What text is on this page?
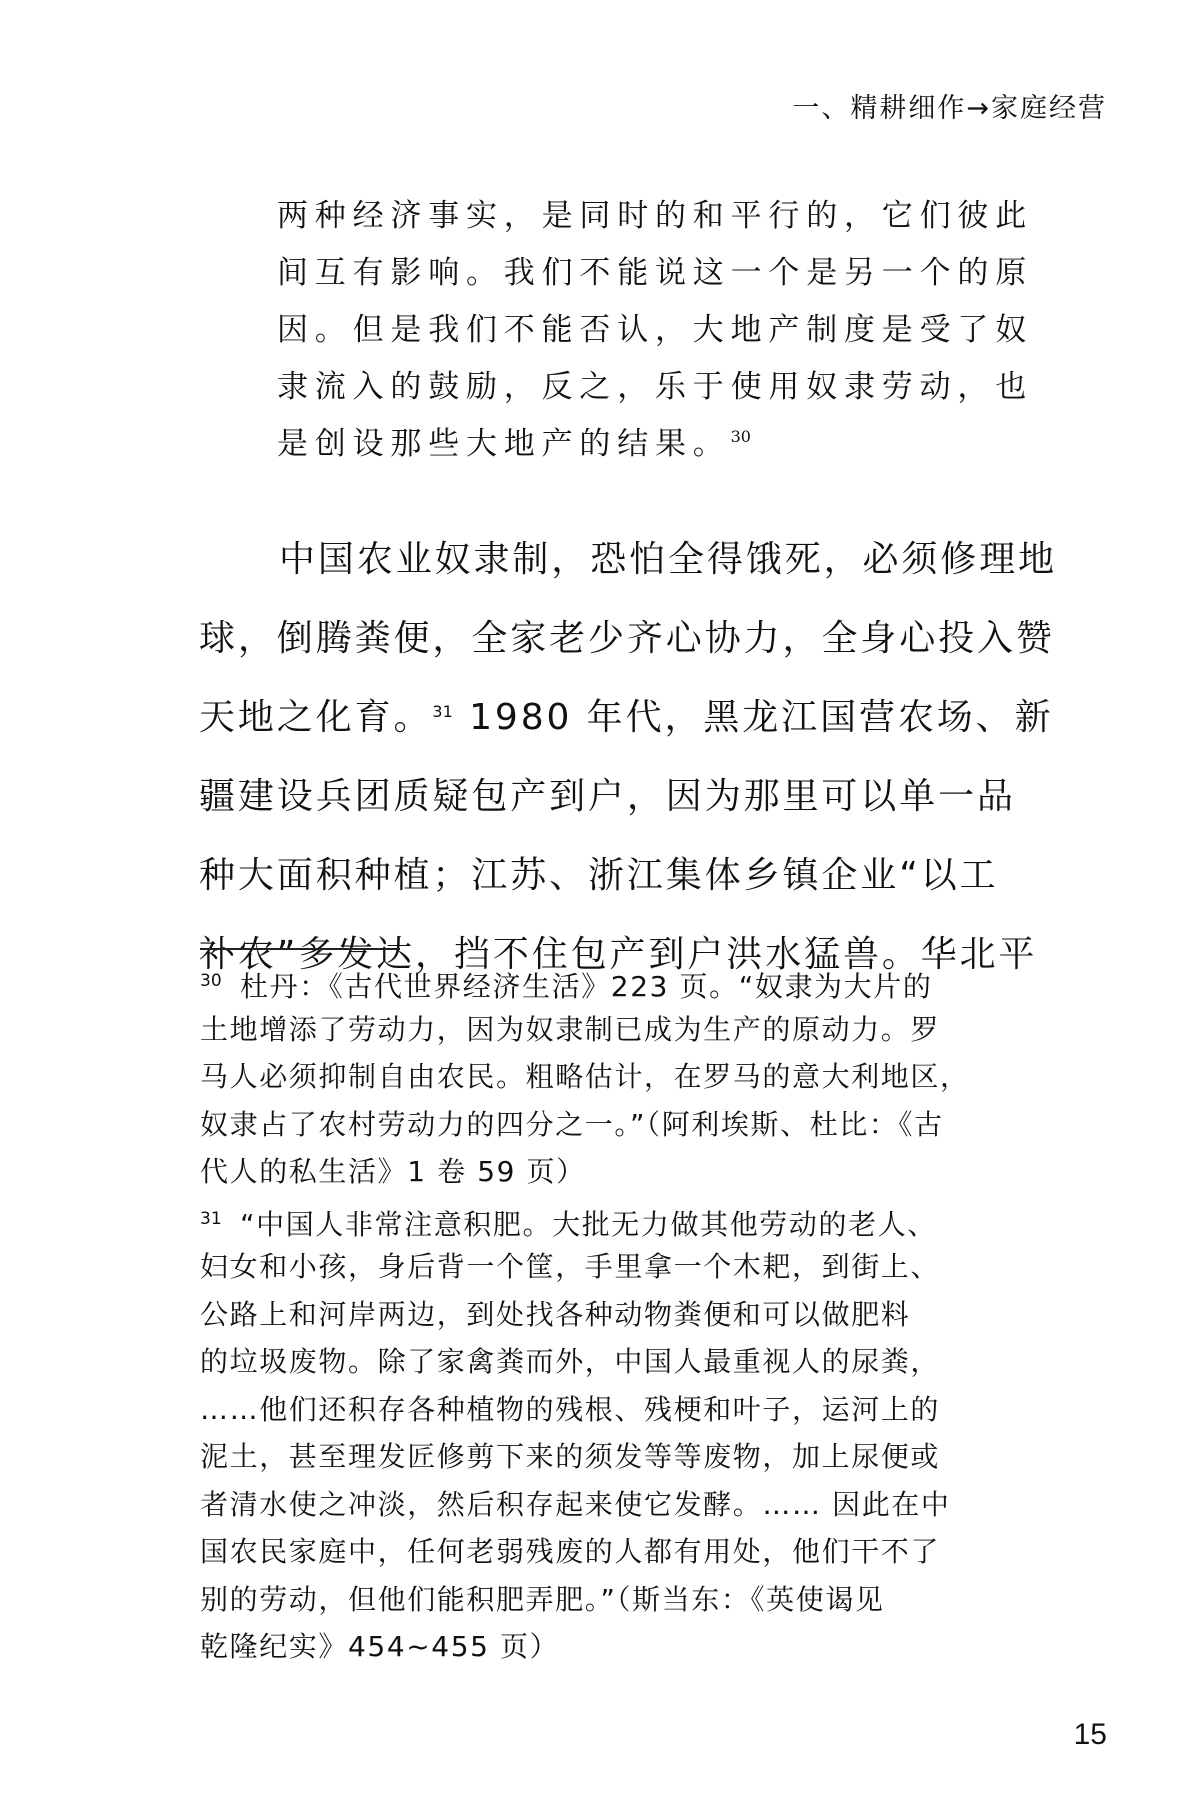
一、精耕细作→家庭经营
两种经济事实，是同时的和平行的，它们彼此
间互有影响。我们不能说这一个是另一个的原
因。但是我们不能否认，大地产制度是受了奴
隶流入的鼓励，反之，乐于使用奴隶劳动，也
是创设那些大地产的结果。$^{30}$
中国农业奴隶制，恐怕全得饿死，必须修理地
球，倒腾粪便，全家老少齐心协力，全身心投入赞
天地之化育。$^{31}$ 1980 年代，黑龙江国营农场、新
疆建设兵团质疑包产到户，因为那里可以单一品
种大面积种植；江苏、浙江集体乡镇企业“以工
补农”多发达，挡不住包产到户洪水猛兽。华北平
30 杜丹：《古代世界经济生活》223 页。“奴隶为大片的
土地增添了劳动力，因为奴隶制已成为生产的原动力。罗
马人必须抑制自由农民。粗略估计，在罗马的意大利地区，
奴隶占了农村劳动力的四分之一。”（阿利埃斯、杜比：《古
代人的私生活》1 卷 59 页）
31 “中国人非常注意积肥。大批无力做其他劳动的老人、
妇女和小孩，身后背一个筐，手里拿一个木耙，到街上、
公路上和河岸两边，到处找各种动物粪便和可以做肥料
的垃圾废物。除了家禽粪而外，中国人最重视人的尿粪，
……他们还积存各种植物的残根、残梗和叶子，运河上的
泥土，甚至理发匠修剪下来的须发等等废物，加上尿便或
者清水使之冲淡，然后积存起来使它发酵。…… 因此在中
国农民家庭中，任何老弱残废的人都有用处，他们干不了
别的劳动，但他们能积肥弄肥。”（斯当东：《英使谒见
乾隆纪实》454~455 页）
15
